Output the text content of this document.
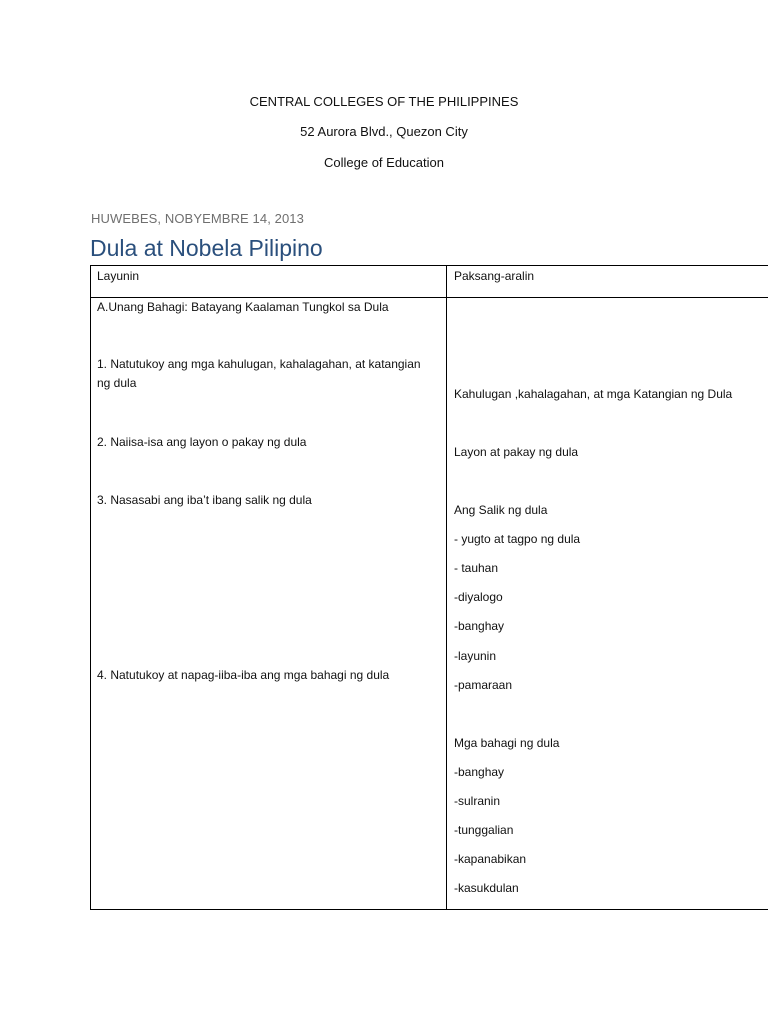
CENTRAL COLLEGES OF THE PHILIPPINES
52 Aurora Blvd., Quezon City
College of Education
HUWEBES, NOBYEMBRE 14, 2013
Dula at Nobela Pilipino
Layunin	Paksang-aralin
A.Unang Bahagi: Batayang Kaalaman Tungkol sa Dula
1. Natutukoy ang mga kahulugan, kahalagahan, at katangian
ng dula
2. Naiisa-isa ang layon o pakay ng dula
3. Nasasabi ang iba’t ibang salik ng dula
4. Natutukoy at napag-iiba-iba ang mga bahagi ng dula
Kahulugan ,kahalagahan, at mga Katangian ng Dula
Layon at pakay ng dula
Ang Salik ng dula
- yugto at tagpo ng dula
- tauhan
-diyalogo
-banghay
-layunin
-pamaraan
Mga bahagi ng dula
-banghay
-sulranin
-tunggalian
-kapanabikan
-kasukdulan
